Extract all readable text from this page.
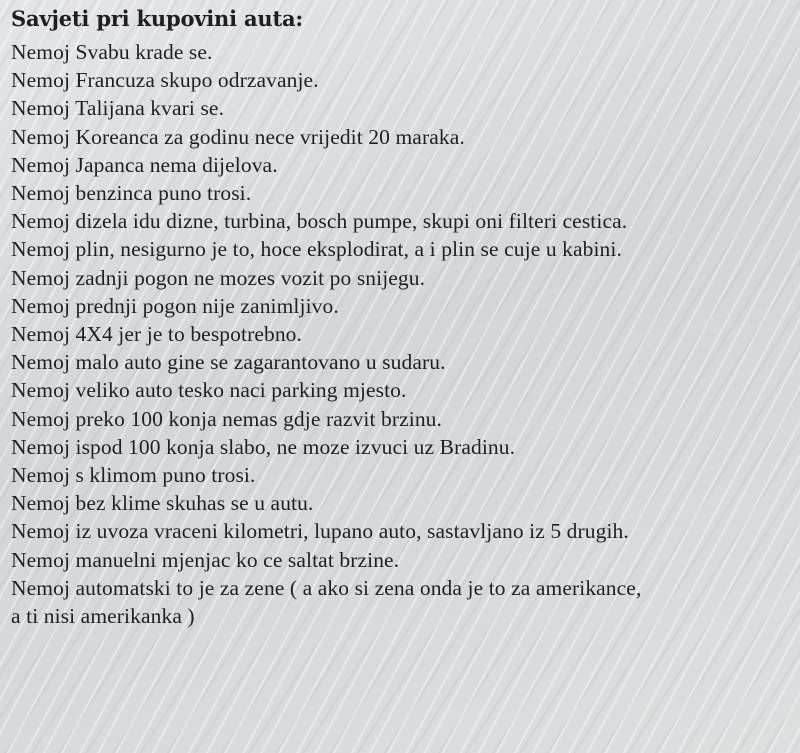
Savjeti pri kupovini auta:
Nemoj Svabu krade se.
Nemoj Francuza skupo odrzavanje.
Nemoj Talijana kvari se.
Nemoj Koreanca za godinu nece vrijedit 20 maraka.
Nemoj Japanca nema dijelova.
Nemoj benzinca puno trosi.
Nemoj dizela idu dizne, turbina, bosch pumpe, skupi oni filteri cestica.
Nemoj plin, nesigurno je to, hoce eksplodirat, a i plin se cuje u kabini.
Nemoj zadnji pogon ne mozes vozit po snijegu.
Nemoj prednji pogon nije zanimljivo.
Nemoj 4X4 jer je to bespotrebno.
Nemoj malo auto gine se zagarantovano u sudaru.
Nemoj veliko auto tesko naci parking mjesto.
Nemoj preko 100 konja nemas gdje razvit brzinu.
Nemoj ispod 100 konja slabo, ne moze izvuci uz Bradinu.
Nemoj s klimom puno trosi.
Nemoj bez klime skuhas se u autu.
Nemoj iz uvoza vraceni kilometri, lupano auto, sastavljano iz 5 drugih.
Nemoj manuelni mjenjac ko ce saltat brzine.
Nemoj automatski to je za zene ( a ako si zena onda je to za amerikance,
a ti nisi amerikanka )
